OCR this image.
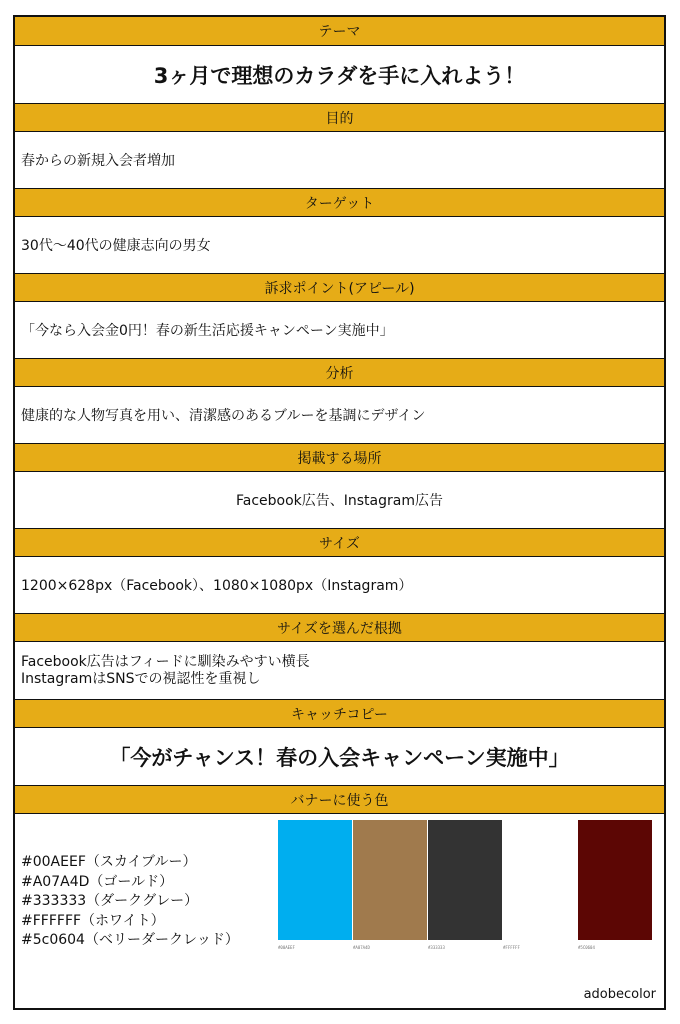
テーマ
3ヶ月で理想のカラダを手に入れよう！
目的
春からの新規入会者増加
ターゲット
30代〜40代の健康志向の男女
訴求ポイント(アピール)
「今なら入会金0円！春の新生活応援キャンペーン実施中」
分析
健康的な人物写真を用い、清潔感のあるブルーを基調にデザイン
掲載する場所
Facebook広告、Instagram広告
サイズ
1200×628px（Facebook）、1080×1080px（Instagram）
サイズを選んだ根拠
Facebook広告はフィードに馴染みやすい横長
InstagramはSNSでの視認性を重視し
キャッチコピー
「今がチャンス！春の入会キャンペーン実施中」
バナーに使う色
#00AEEF（スカイブルー）
#A07A4D（ゴールド）
#333333（ダークグレー）
#FFFFFF（ホワイト）
#5c0604（ベリーダークレッド）	#00AEEF	#A07A4D	#333333	#FFFFFF	#5C0604
adobecolor
